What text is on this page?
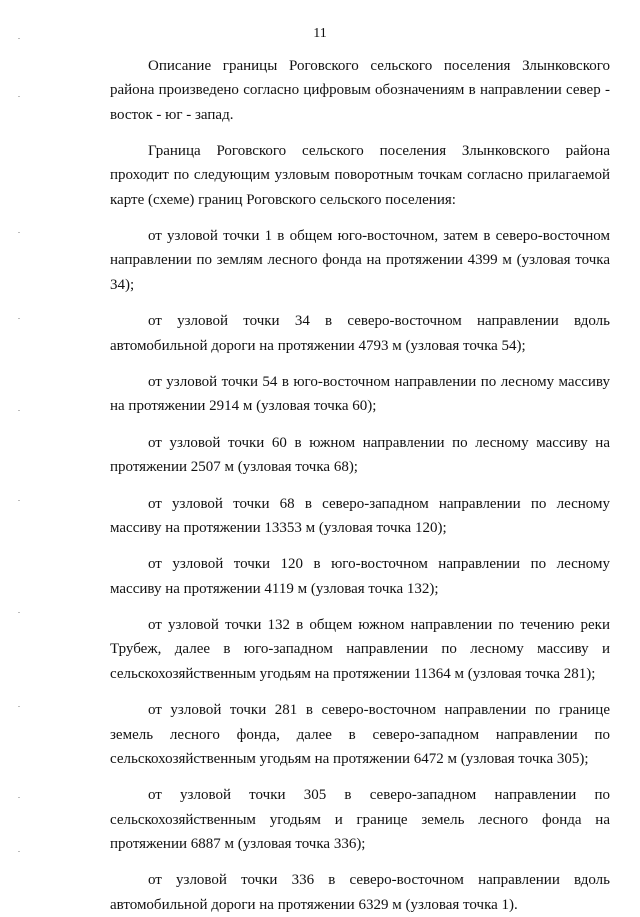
11

Описание границы Роговского сельского поселения Злынковского района произведено согласно цифровым обозначениям в направлении север - восток - юг - запад.

Граница Роговского сельского поселения Злынковского района проходит по следующим узловым поворотным точкам согласно прилагаемой карте (схеме) границ Роговского сельского поселения:

от узловой точки 1 в общем юго-восточном, затем в северо-восточном направлении по землям лесного фонда на протяжении 4399 м (узловая точка 34);

от узловой точки 34 в северо-восточном направлении вдоль автомобильной дороги на протяжении 4793 м (узловая точка 54);

от узловой точки 54 в юго-восточном направлении по лесному массиву на протяжении 2914 м (узловая точка 60);

от узловой точки 60 в южном направлении по лесному массиву на протяжении 2507 м (узловая точка 68);

от узловой точки 68 в северо-западном направлении по лесному массиву на протяжении 13353 м (узловая точка 120);

от узловой точки 120 в юго-восточном направлении по лесному массиву на протяжении 4119 м (узловая точка 132);

от узловой точки 132 в общем южном направлении по течению реки Трубеж, далее в юго-западном направлении по лесному массиву и сельскохозяйственным угодьям на протяжении 11364 м (узловая точка 281);

от узловой точки 281 в северо-восточном направлении по границе земель лесного фонда, далее в северо-западном направлении по сельскохозяйственным угодьям на протяжении 6472 м (узловая точка 305);

от узловой точки 305 в северо-западном направлении по сельскохозяйственным угодьям и границе земель лесного фонда на протяжении 6887 м (узловая точка 336);

от узловой точки 336 в северо-восточном направлении вдоль автомобильной дороги на протяжении 6329 м (узловая точка 1).
